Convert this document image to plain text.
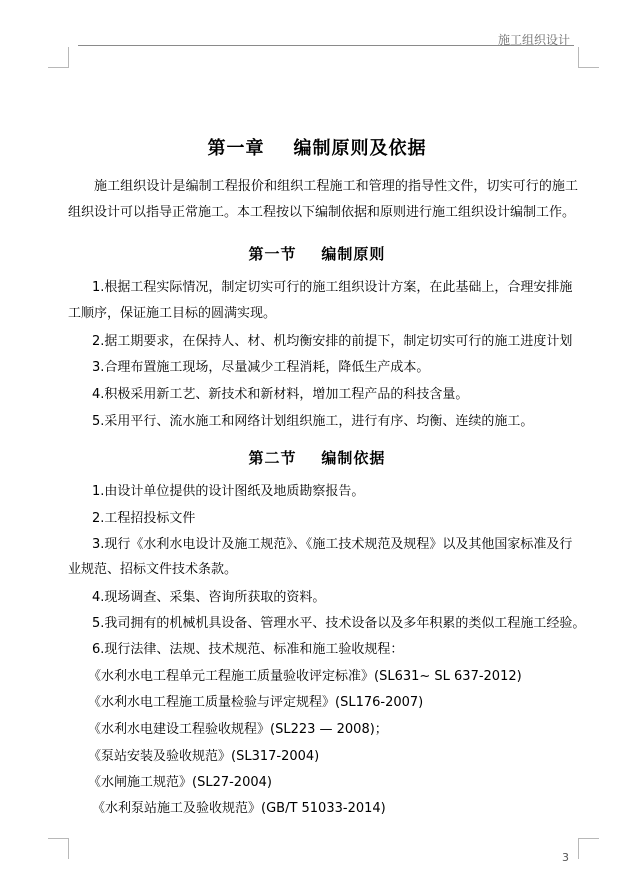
施工组织设计
第一章    编制原则及依据
施工组织设计是编制工程报价和组织工程施工和管理的指导性文件，切实可行的施工组织设计可以指导正常施工。本工程按以下编制依据和原则进行施工组织设计编制工作。
第一节    编制原则
1.根据工程实际情况，制定切实可行的施工组织设计方案，在此基础上，合理安排施
工顺序，保证施工目标的圆满实现。
2.据工期要求，在保持人、材、机均衡安排的前提下，制定切实可行的施工进度计划
3.合理布置施工现场，尽量减少工程消耗，降低生产成本。
4.积极采用新工艺、新技术和新材料，增加工程产品的科技含量。
5.采用平行、流水施工和网络计划组织施工，进行有序、均衡、连续的施工。
第二节    编制依据
1.由设计单位提供的设计图纸及地质勘察报告。
2.工程招投标文件
3.现行《水利水电设计及施工规范》、《施工技术规范及规程》以及其他国家标准及行
业规范、招标文件技术条款。
4.现场调查、采集、咨询所获取的资料。
5.我司拥有的机械机具设备、管理水平、技术设备以及多年积累的类似工程施工经验。
6.现行法律、法规、技术规范、标准和施工验收规程：
《水利水电工程单元工程施工质量验收评定标准》(SL631~ SL 637-2012)
《水利水电工程施工质量检验与评定规程》(SL176-2007)
《水利水电建设工程验收规程》(SL223 — 2008)；
《泵站安装及验收规范》(SL317-2004)
《水闸施工规范》(SL27-2004)
《水利泵站施工及验收规范》(GB/T 51033-2014)
3
